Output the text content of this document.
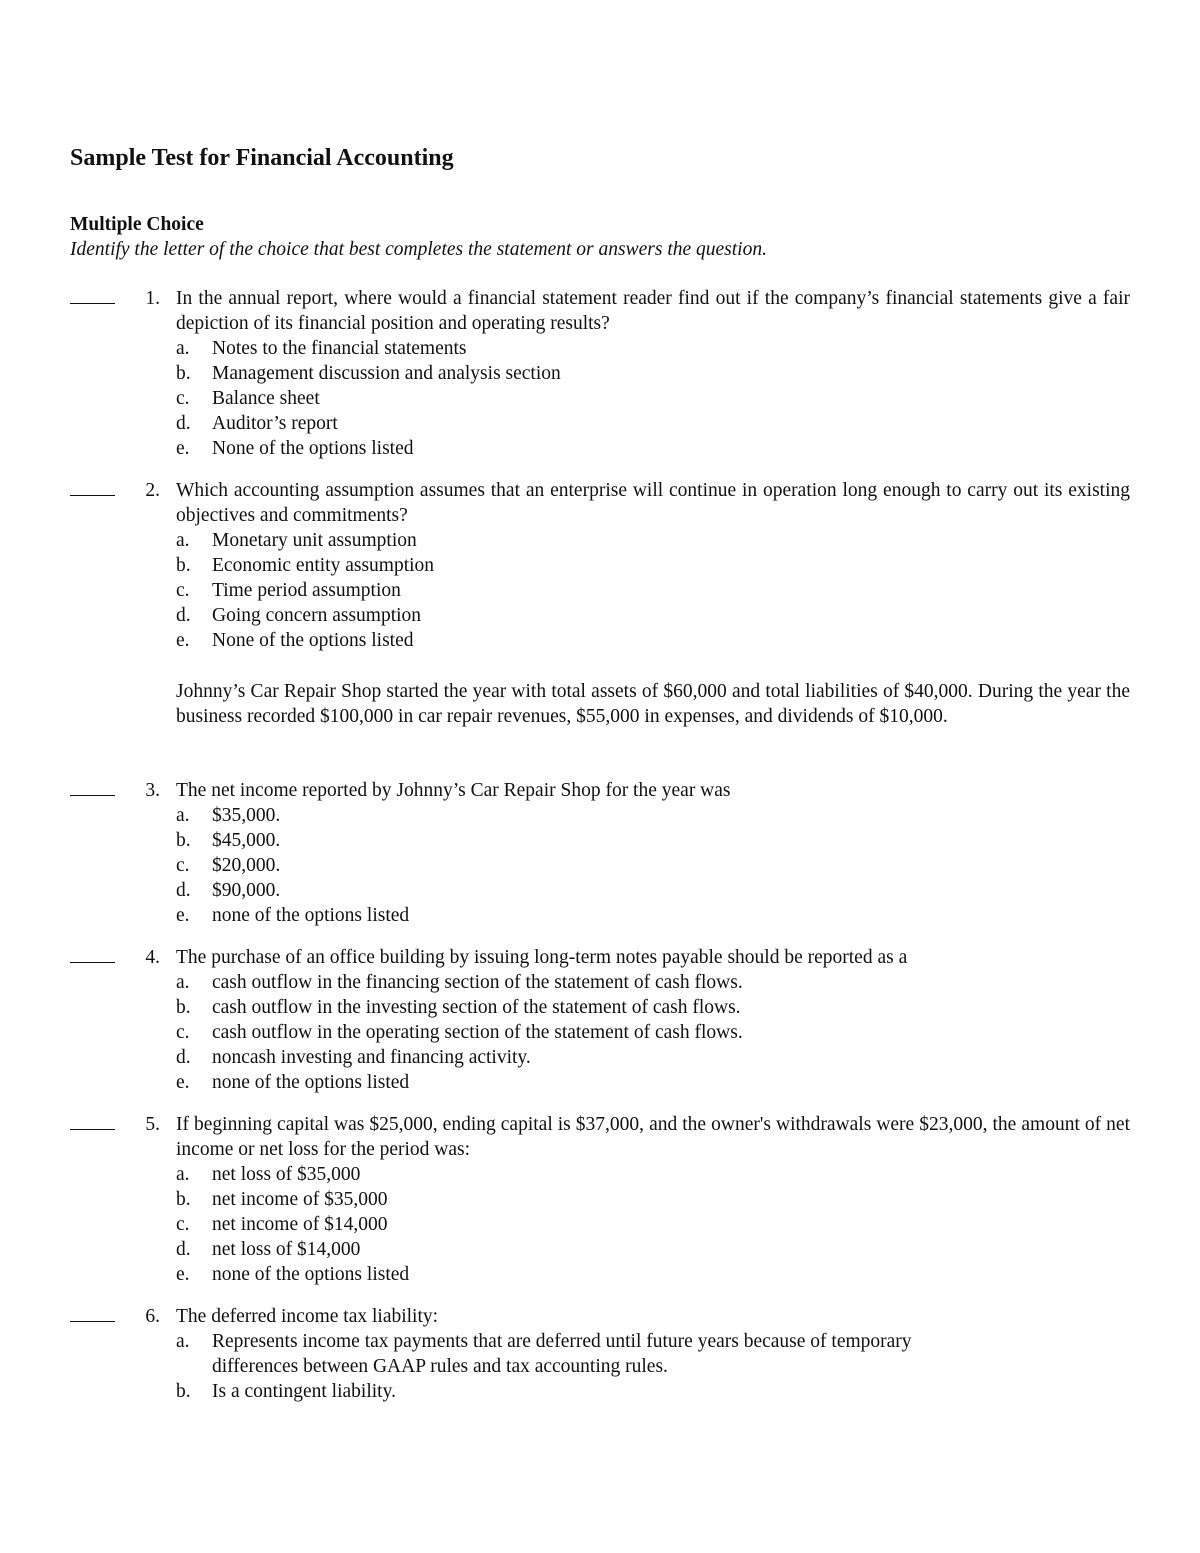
Sample Test for Financial Accounting
Multiple Choice
Identify the letter of the choice that best completes the statement or answers the question.
1. In the annual report, where would a financial statement reader find out if the company’s financial statements give a fair depiction of its financial position and operating results?
a. Notes to the financial statements
b. Management discussion and analysis section
c. Balance sheet
d. Auditor’s report
e. None of the options listed
2. Which accounting assumption assumes that an enterprise will continue in operation long enough to carry out its existing objectives and commitments?
a. Monetary unit assumption
b. Economic entity assumption
c. Time period assumption
d. Going concern assumption
e. None of the options listed
Johnny’s Car Repair Shop started the year with total assets of $60,000 and total liabilities of $40,000. During the year the business recorded $100,000 in car repair revenues, $55,000 in expenses, and dividends of $10,000.
3. The net income reported by Johnny’s Car Repair Shop for the year was
a. $35,000.
b. $45,000.
c. $20,000.
d. $90,000.
e. none of the options listed
4. The purchase of an office building by issuing long-term notes payable should be reported as a
a. cash outflow in the financing section of the statement of cash flows.
b. cash outflow in the investing section of the statement of cash flows.
c. cash outflow in the operating section of the statement of cash flows.
d. noncash investing and financing activity.
e. none of the options listed
5. If beginning capital was $25,000, ending capital is $37,000, and the owner's withdrawals were $23,000, the amount of net income or net loss for the period was:
a. net loss of $35,000
b. net income of $35,000
c. net income of $14,000
d. net loss of $14,000
e. none of the options listed
6. The deferred income tax liability:
a. Represents income tax payments that are deferred until future years because of temporary differences between GAAP rules and tax accounting rules.
b. Is a contingent liability.
